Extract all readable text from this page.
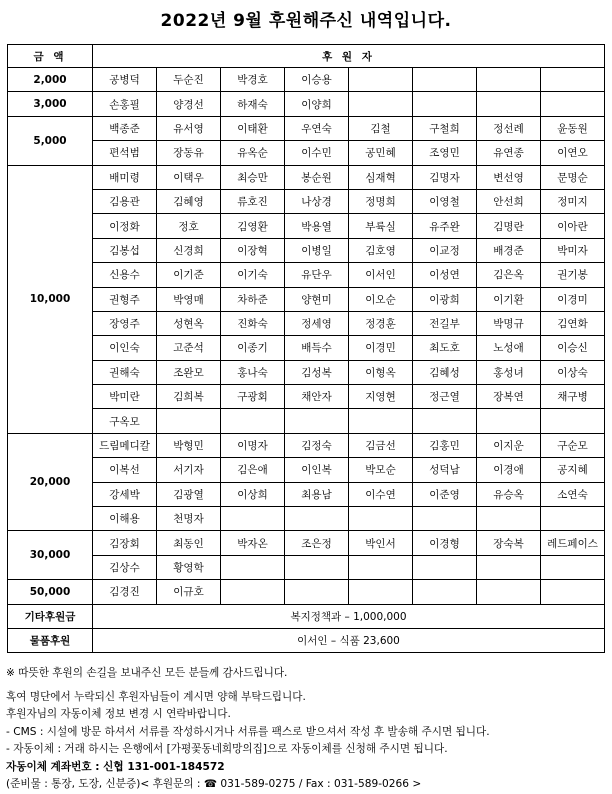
2022년 9월 후원해주신 내역입니다.
금 액	후 원 자							
2,000	공병덕	두순진	박경호	이승용				
3,000	손홍필	양경선	하재숙	이양희				
5,000	백종준	유서영	이태환	우연숙	김철	구철희	정선례	윤동원
	편석범	장동유	유옥순	이수민	공민혜	조영민	유연종	이연오
10,000	배미령	이택우	최승만	봉순원	심재혁	김명자	변선영	문명순
	김용관	김혜영	류호진	나상경	정명희	이영철	안선희	정미지
	이정화	정호	김영환	박용열	부륙실	유주완	김명란	이아란
	김봉섭	신경희	이장혁	이병일	김호영	이교정	배경준	박미자
	신용수	이기준	이기숙	유단우	이서인	이성연	김은옥	권기봉
	권형주	박영매	차하준	양현미	이오순	이광희	이기환	이경미
	장영주	성현옥	진화숙	정세영	정경훈	전길부	박명규	김연화
	이인숙	고준석	이종기	배득수	이경민	최도호	노성애	이승신
	권해숙	조완모	홍나숙	김성복	이형옥	김혜성	홍성녀	이상숙
	박미란	김희복	구광회	채안자	지영현	정근열	장복연	채구병
	구옥모							
20,000	드림메디칼	박형민	이명자	김정숙	김금선	김홍민	이지운	구순모
	이복선	서기자	김은애	이인복	박모순	성덕남	이경애	공지혜
	강세박	김광열	이상희	최용남	이수연	이준영	유승옥	소연숙
	이해용	천명자						
30,000	김장회	최동인	박자온	조은정	박인서	이경형	장숙복	레드페이스
	김상수	황영학						
50,000	김경진	이규호						
기타후원금	복지정책과 – 1,000,000							
물품후원	이서인 – 식품 23,600							
※ 따뜻한 후원의 손길을 보내주신 모든 분들께 감사드립니다.
혹여 명단에서 누락되신 후원자님들이 계시면 양해 부탁드립니다.
후원자님의 자동이체 정보 변경 시 연락바랍니다.
- CMS : 시설에 방문 하셔서 서류를 작성하시거나 서류를 팩스로 받으셔서 작성 후 발송해 주시면 됩니다.
- 자동이체 : 거래 하시는 은행에서 [가평꽃동네희망의집]으로 자동이체를 신청해 주시면 됩니다.
자동이체 계좌번호 : 신협 131-001-184572
(준비물 : 통장, 도장, 신분증)< 후원문의 : ☎ 031-589-0275 / Fax : 031-589-0266 >
